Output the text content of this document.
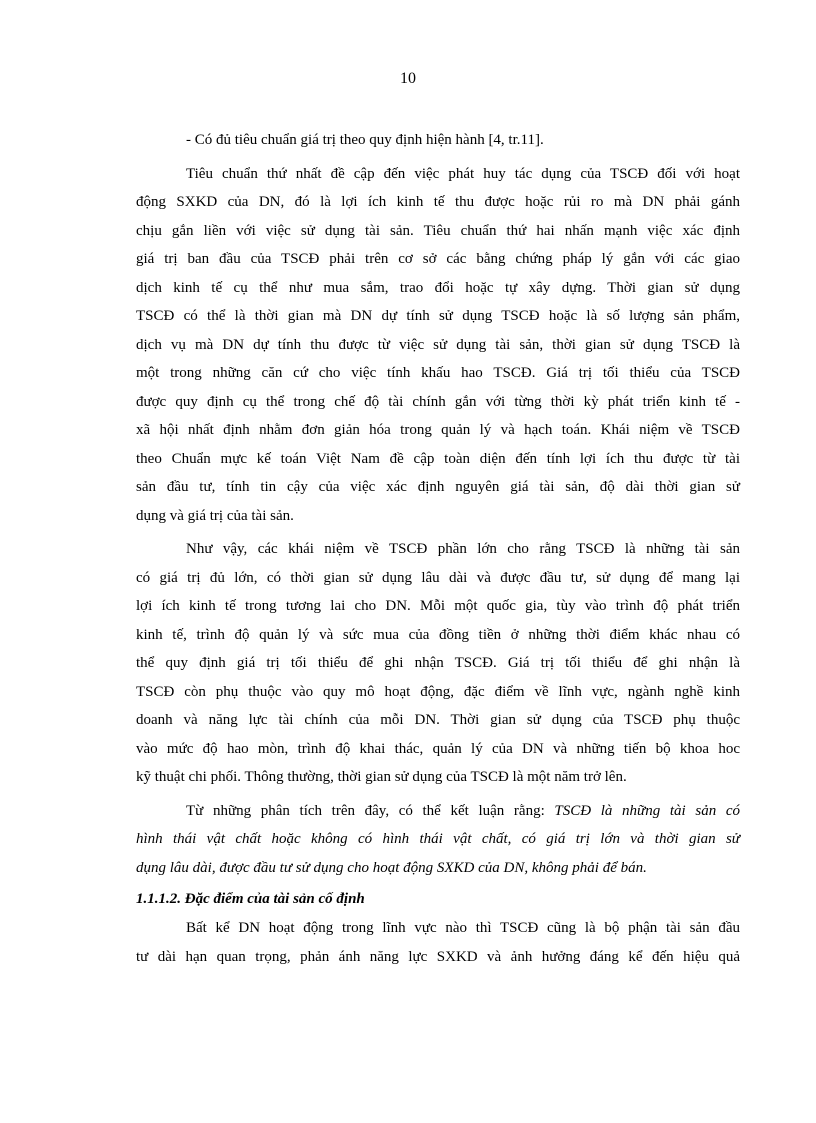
10
- Có đủ tiêu chuẩn giá trị theo quy định hiện hành [4, tr.11].
Tiêu chuẩn thứ nhất đề cập đến việc phát huy tác dụng của TSCĐ đối với hoạt
động SXKD của DN, đó là lợi ích kinh tế thu được hoặc rủi ro mà DN phải gánh
chịu gắn liền với việc sử dụng tài sản. Tiêu chuẩn thứ hai nhấn mạnh việc xác định
giá trị ban đầu của TSCĐ phải trên cơ sở các bằng chứng pháp lý gắn với các giao
dịch kinh tế cụ thể như mua sắm, trao đổi hoặc tự xây dựng. Thời gian sử dụng
TSCĐ có thể là thời gian mà DN dự tính sử dụng TSCĐ hoặc là số lượng sản phẩm,
dịch vụ mà DN dự tính thu được từ việc sử dụng tài sản, thời gian sử dụng TSCĐ là
một trong những căn cứ cho việc tính khấu hao TSCĐ. Giá trị tối thiểu của TSCĐ
được quy định cụ thể trong chế độ tài chính gắn với từng thời kỳ phát triển kinh tế -
xã hội nhất định nhằm đơn giản hóa trong quản lý và hạch toán. Khái niệm về TSCĐ
theo Chuẩn mực kế toán Việt Nam đề cập toàn diện đến tính lợi ích thu được từ tài
sản đầu tư, tính tin cậy của việc xác định nguyên giá tài sản, độ dài thời gian sử
dụng và giá trị của tài sản.
Như vậy, các khái niệm về TSCĐ phần lớn cho rằng TSCĐ là những tài sản
có giá trị đủ lớn, có thời gian sử dụng lâu dài và được đầu tư, sử dụng để mang lại
lợi ích kinh tế trong tương lai cho DN. Mỗi một quốc gia, tùy vào trình độ phát triển
kinh tế, trình độ quản lý và sức mua của đồng tiền ở những thời điểm khác nhau có
thể quy định giá trị tối thiểu để ghi nhận TSCĐ. Giá trị tối thiểu để ghi nhận là
TSCĐ còn phụ thuộc vào quy mô hoạt động, đặc điểm về lĩnh vực, ngành nghề kinh
doanh và năng lực tài chính của mỗi DN. Thời gian sử dụng của TSCĐ phụ thuộc
vào mức độ hao mòn, trình độ khai thác, quản lý của DN và những tiến bộ khoa hoc
kỹ thuật chi phối. Thông thường, thời gian sử dụng của TSCĐ là một năm trở lên.
Từ những phân tích trên đây, có thể kết luận rằng: TSCĐ là những tài sản có
hình thái vật chất hoặc không có hình thái vật chất, có giá trị lớn và thời gian sử
dụng lâu dài, được đầu tư sử dụng cho hoạt động SXKD của DN, không phải để bán.
1.1.1.2. Đặc điểm của tài sản cố định
Bất kể DN hoạt động trong lĩnh vực nào thì TSCĐ cũng là bộ phận tài sản đầu
tư dài hạn quan trọng, phản ánh năng lực SXKD và ảnh hưởng đáng kể đến hiệu quả
